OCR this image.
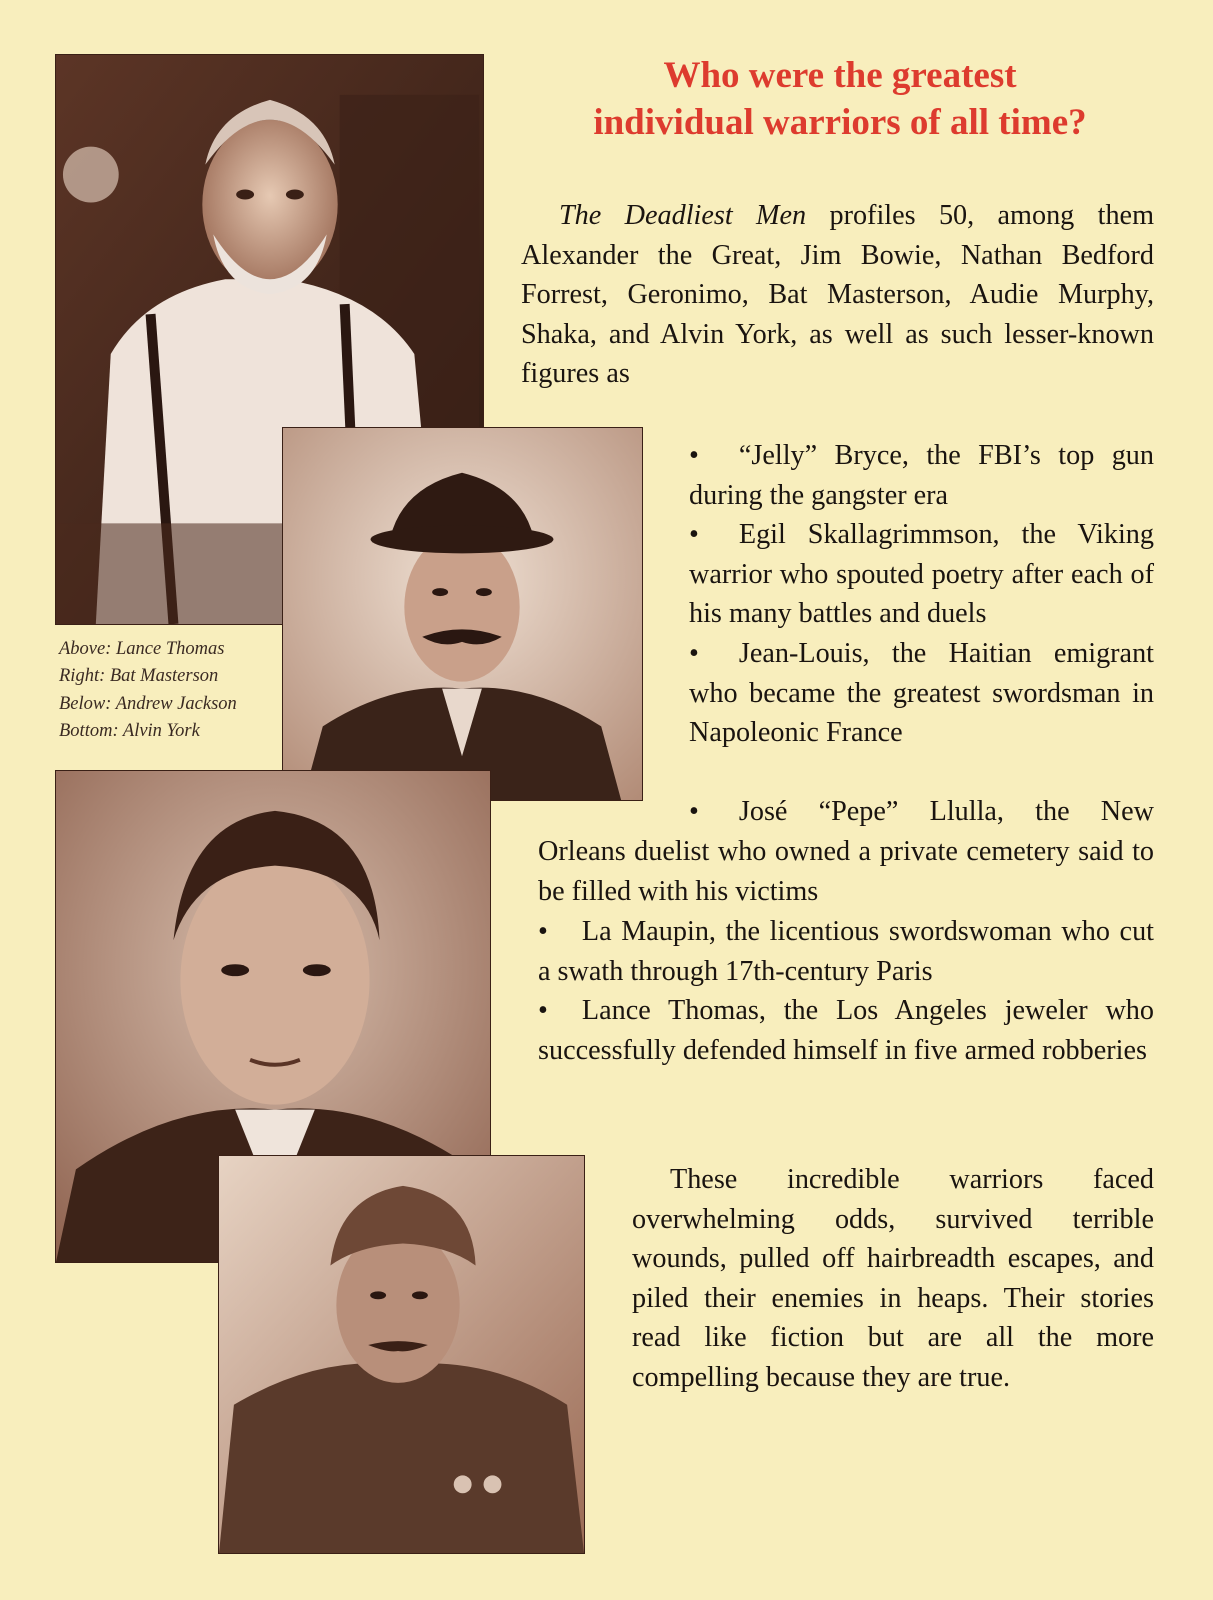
Above: Lance Thomas
Right: Bat Masterson
Below: Andrew Jackson
Bottom: Alvin York
Who were the greatest
individual warriors of all time?

The Deadliest Men profiles 50, among them Alexander the Great, Jim Bowie, Nathan Bedford Forrest, Geronimo, Bat Masterson, Audie Murphy, Shaka, and Alvin York, as well as such lesser-known figures as

• “Jelly” Bryce, the FBI’s top gun during the gangster era

• Egil Skallagrimmson, the Viking warrior who spouted poetry after each of his many battles and duels

• Jean-Louis, the Haitian emigrant who became the greatest swordsman in Napoleonic France

• José “Pepe” Llulla, the New

Orleans duelist who owned a private cemetery said to be filled with his victims

• La Maupin, the licentious swordswoman who cut a swath through 17th-century Paris

• Lance Thomas, the Los Angeles jeweler who successfully defended himself in five armed robberies

These incredible warriors faced overwhelming odds, survived terrible wounds, pulled off hairbreadth escapes, and piled their enemies in heaps. Their stories read like fiction but are all the more compelling because they are true.
